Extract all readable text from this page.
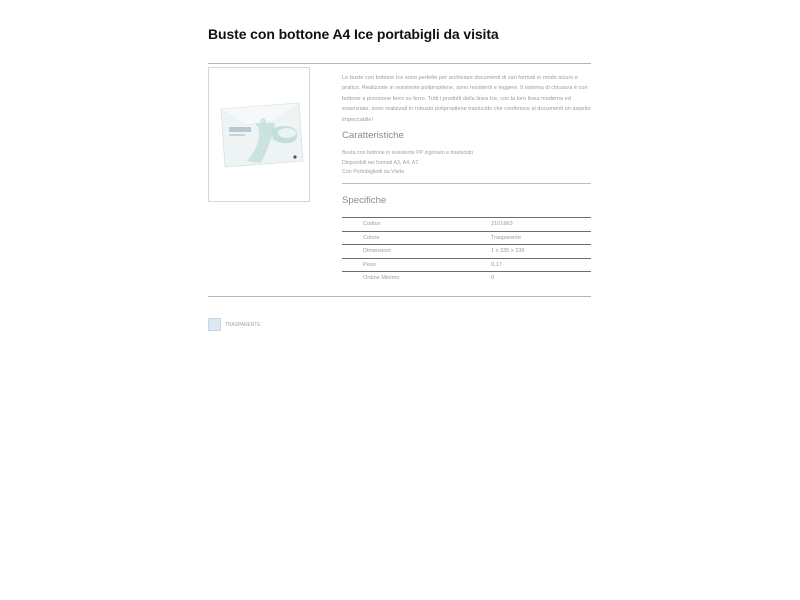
Buste con bottone A4 Ice portabigli da visita

Le buste con bottone Ice sono perfette per archiviare documenti di vari formati in modo sicuro e pratico. Realizzate in resistente polipropilene, sono resistenti e leggere. Il sistema di chiusura è con bottone a pressione ferro su ferro. Tutti i prodotti della linea Ice, con la loro linea moderna ed essenziale, sono realizzati in robusto polipropilene traslucido che conferisce ai documenti un aspetto impeccabile!

Caratteristiche
Busta con bottone in resistente PP zigrinato e traslucido
Disponibili nei formati A3, A4, A7.
Con Portobiglietti da Visita
Specifiche
Codice	2101663
Colore	Trasparente
Dimensioni	1 x 335 x 235
Peso	0,17
Ordine Minimo	0
TRASPARENTE
